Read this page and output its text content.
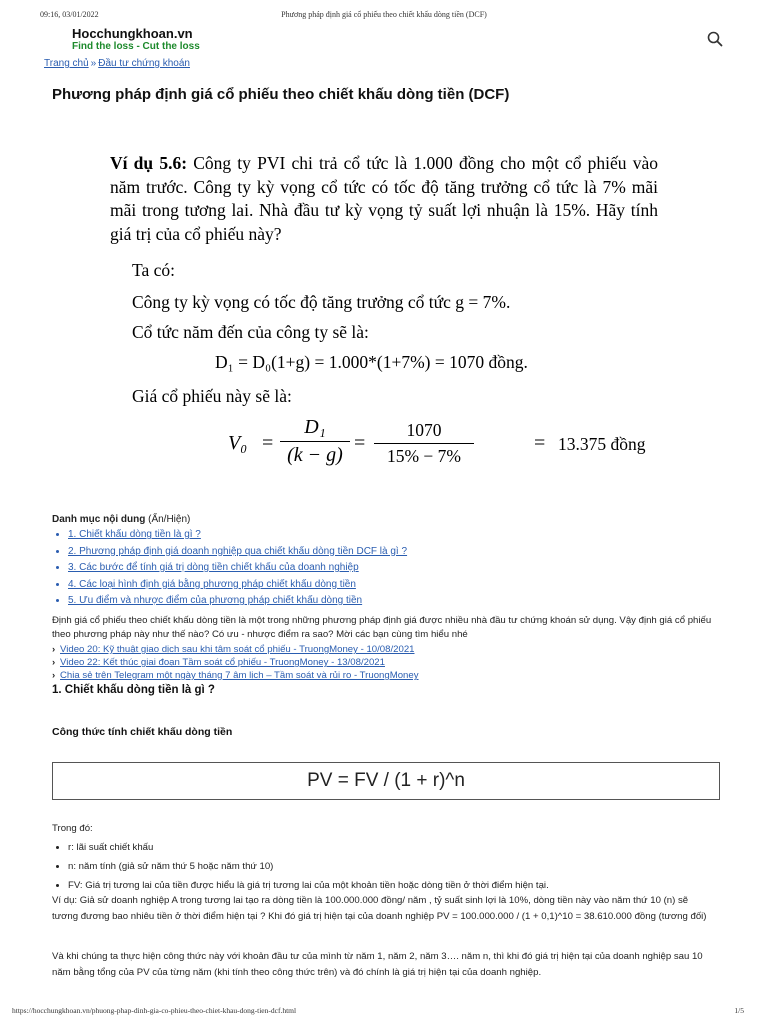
09:16, 03/01/2022	Phương pháp định giá cổ phiếu theo chiết khấu dòng tiền (DCF)
Hocchungkhoan.vn
Find the loss - Cut the loss
Trang chủ » Đầu tư chứng khoán
Phương pháp định giá cổ phiếu theo chiết khấu dòng tiền (DCF)

Ví dụ 5.6: Công ty PVI chi trả cổ tức là 1.000 đồng cho một cổ phiếu vào năm trước. Công ty kỳ vọng cổ tức có tốc độ tăng trưởng cổ tức là 7% mãi mãi trong tương lai. Nhà đầu tư kỳ vọng tỷ suất lợi nhuận là 15%. Hãy tính giá trị của cổ phiếu này?

Ta có:

Công ty kỳ vọng có tốc độ tăng trưởng cổ tức g = 7%.

Cổ tức năm đến của công ty sẽ là:

D₁ = D₀(1+g) = 1.000*(1+7%) = 1070 đồng.

Giá cổ phiếu này sẽ là:

V₀ =
D₁
(k − g)
=
1070
15% − 7%
= 13.375 đồng

Danh mục nội dung (Ẩn/Hiện)

• 1. Chiết khấu dòng tiền là gì ?
• 2. Phương pháp định giá doanh nghiệp qua chiết khấu dòng tiền DCF là gì ?
• 3. Các bước để tính giá trị dòng tiền chiết khấu của doanh nghiệp
• 4. Các loại hình định giá bằng phương pháp chiết khấu dòng tiền
• 5. Ưu điểm và nhược điểm của phương pháp chiết khấu dòng tiền

Định giá cổ phiếu theo chiết khấu dòng tiền là một trong những phương pháp định giá được nhiều nhà đầu tư chứng khoán sử dụng. Vậy định giá cổ phiếu theo phương pháp này như thế nào? Có ưu - nhược điểm ra sao? Mời các bạn cùng tìm hiểu nhé

› Video 20: Kỹ thuật giao dịch sau khi tâm soát cổ phiếu - TruongMoney - 10/08/2021
› Video 22: Kết thúc giai đoạn Tầm soát cổ phiếu - TruongMoney - 13/08/2021
› Chia sẻ trên Telegram một ngày tháng 7 âm lịch – Tầm soát và rủi ro - TruongMoney
1. Chiết khấu dòng tiền là gì ?
Công thức tính chiết khấu dòng tiền
PV = FV / (1 + r)^n

Trong đó:

• r: lãi suất chiết khấu
• n: năm tính (giả sử năm thứ 5 hoặc năm thứ 10)
• FV: Giá trị tương lai của tiền được hiểu là giá trị tương lai của một khoản tiền hoặc dòng tiền ở thời điểm hiện tại.

Ví dụ: Giả sử doanh nghiệp A trong tương lai tạo ra dòng tiền là 100.000.000 đồng/ năm , tỷ suất sinh lợi là 10%, dòng tiền này vào năm thứ 10 (n) sẽ tương đương bao nhiêu tiền ở thời điểm hiện tại ? Khi đó giá trị hiện tại của doanh nghiệp PV = 100.000.000 / (1 + 0,1)^10 = 38.610.000 đồng (tương đối)

Và khi chúng ta thực hiện công thức này với khoản đầu tư của mình từ năm 1, năm 2, năm 3…. năm n, thì khi đó giá trị hiện tại của doanh nghiệp sau 10 năm bằng tổng của PV của từng năm (khi tính theo công thức trên) và đó chính là giá trị hiện tại của doanh nghiệp.

https://hocchungkhoan.vn/phuong-phap-dinh-gia-co-phieu-theo-chiet-khau-dong-tien-dcf.html	1/5
